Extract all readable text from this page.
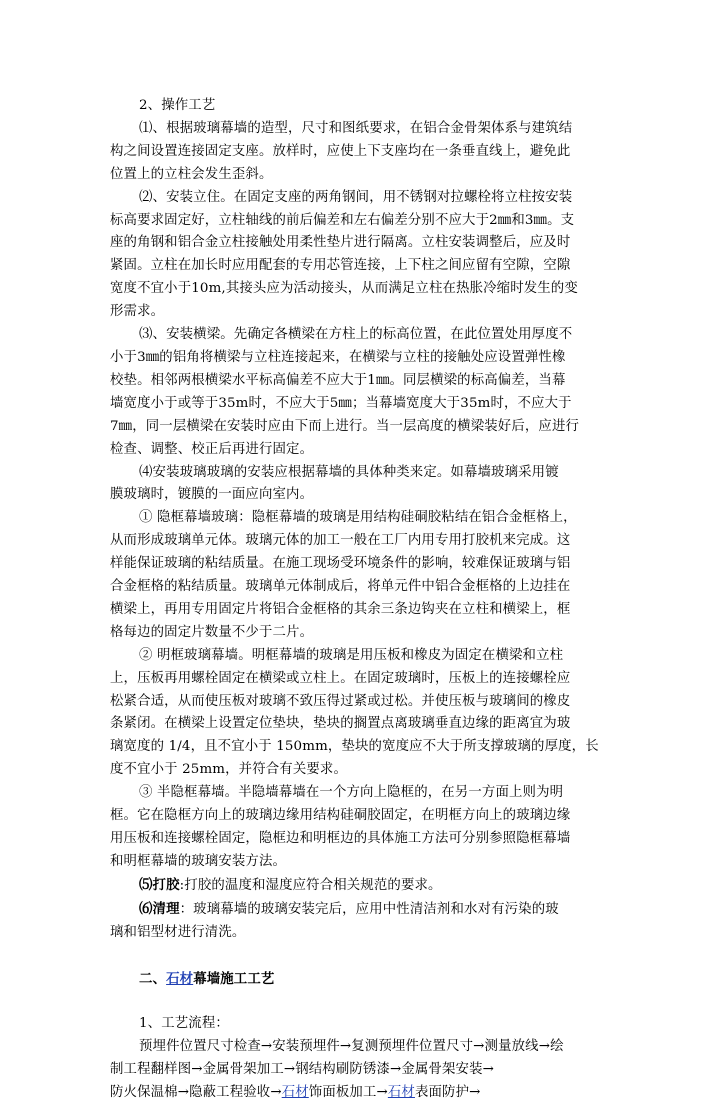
2、操作工艺
⑴、根据玻璃幕墙的造型，尺寸和图纸要求，在铝合金骨架体系与建筑结
构之间设置连接固定支座。放样时，应使上下支座均在一条垂直线上，避免此
位置上的立柱会发生歪斜。
⑵、安装立住。在固定支座的两角钢间，用不锈钢对拉螺栓将立柱按安装
标高要求固定好，立柱轴线的前后偏差和左右偏差分别不应大于2㎜和3㎜。支
座的角钢和铝合金立柱接触处用柔性垫片进行隔离。立柱安装调整后，应及时
紧固。立柱在加长时应用配套的专用芯管连接，上下柱之间应留有空隙，空隙
宽度不宜小于10m,其接头应为活动接头，从而满足立柱在热胀冷缩时发生的变
形需求。
⑶、安装横梁。先确定各横梁在方柱上的标高位置，在此位置处用厚度不
小于3㎜的铝角将横梁与立柱连接起来，在横梁与立柱的接触处应设置弹性橡
校垫。相邻两根横梁水平标高偏差不应大于1㎜。同层横梁的标高偏差，当幕
墙宽度小于或等于35m时，不应大于5㎜；当幕墙宽度大于35m时，不应大于
7㎜，同一层横梁在安装时应由下而上进行。当一层高度的横梁装好后，应进行
检查、调整、校正后再进行固定。
⑷安装玻璃玻璃的安装应根据幕墙的具体种类来定。如幕墙玻璃采用镀
膜玻璃时，镀膜的一面应向室内。
① 隐框幕墙玻璃：隐框幕墙的玻璃是用结构硅硐胶粘结在铝合金框格上，
从而形成玻璃单元体。玻璃元体的加工一般在工厂内用专用打胶机来完成。这
样能保证玻璃的粘结质量。在施工现场受环境条件的影响，较难保证玻璃与铝
合金框格的粘结质量。玻璃单元体制成后，将单元件中铝合金框格的上边挂在
横梁上，再用专用固定片将铝合金框格的其余三条边钩夹在立柱和横梁上，框
格每边的固定片数量不少于二片。
② 明框玻璃幕墙。明框幕墙的玻璃是用压板和橡皮为固定在横梁和立柱
上，压板再用螺栓固定在横梁或立柱上。在固定玻璃时，压板上的连接螺栓应
松紧合适，从而使压板对玻璃不致压得过紧或过松。并使压板与玻璃间的橡皮
条紧闭。在横梁上设置定位垫块，垫块的搁置点离玻璃垂直边缘的距离宜为玻
璃宽度的 1/4，且不宜小于 150mm，垫块的宽度应不大于所支撑玻璃的厚度，长
度不宜小于 25mm，并符合有关要求。
③ 半隐框幕墙。半隐墙幕墙在一个方向上隐框的，在另一方面上则为明
框。它在隐框方向上的玻璃边缘用结构硅硐胶固定，在明框方向上的玻璃边缘
用压板和连接螺栓固定，隐框边和明框边的具体施工方法可分别参照隐框幕墙
和明框幕墙的玻璃安装方法。
⑸打胶:打胶的温度和湿度应符合相关规范的要求。
⑹清理：玻璃幕墙的玻璃安装完后，应用中性清洁剂和水对有污染的玻
璃和铝型材进行清洗。
二、石材幕墙施工工艺
1、工艺流程：
预埋件位置尺寸检查→安装预埋件→复测预埋件位置尺寸→测量放线→绘
制工程翻样图→金属骨架加工→钢结构刷防锈漆→金属骨架安装→
防火保温棉→隐蔽工程验收→石材饰面板加工→石材表面防护→
